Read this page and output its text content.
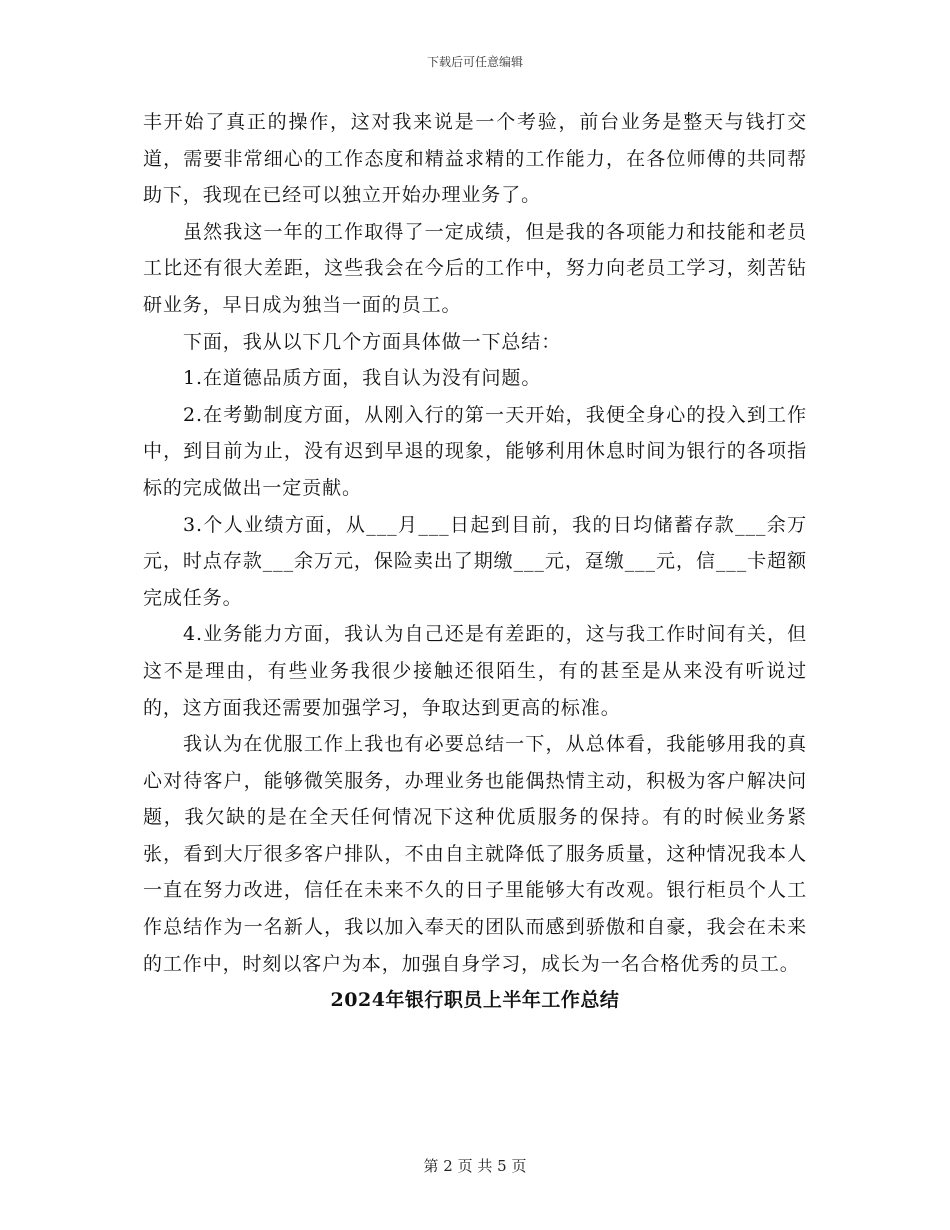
下载后可任意编辑

丰开始了真正的操作，这对我来说是一个考验，前台业务是整天与钱打交道，需要非常细心的工作态度和精益求精的工作能力，在各位师傅的共同帮助下，我现在已经可以独立开始办理业务了。

虽然我这一年的工作取得了一定成绩，但是我的各项能力和技能和老员工比还有很大差距，这些我会在今后的工作中，努力向老员工学习，刻苦钻研业务，早日成为独当一面的员工。

下面，我从以下几个方面具体做一下总结：

1.在道德品质方面，我自认为没有问题。

2.在考勤制度方面，从刚入行的第一天开始，我便全身心的投入到工作中，到目前为止，没有迟到早退的现象，能够利用休息时间为银行的各项指标的完成做出一定贡献。

3.个人业绩方面，从___月___日起到目前，我的日均储蓄存款___余万元，时点存款___余万元，保险卖出了期缴___元，趸缴___元，信___卡超额完成任务。

4.业务能力方面，我认为自己还是有差距的，这与我工作时间有关，但这不是理由，有些业务我很少接触还很陌生，有的甚至是从来没有听说过的，这方面我还需要加强学习，争取达到更高的标准。

我认为在优服工作上我也有必要总结一下，从总体看，我能够用我的真心对待客户，能够微笑服务，办理业务也能偶热情主动，积极为客户解决问题，我欠缺的是在全天任何情况下这种优质服务的保持。有的时候业务紧张，看到大厅很多客户排队，不由自主就降低了服务质量，这种情况我本人一直在努力改进，信任在未来不久的日子里能够大有改观。银行柜员个人工作总结作为一名新人，我以加入奉天的团队而感到骄傲和自豪，我会在未来的工作中，时刻以客户为本，加强自身学习，成长为一名合格优秀的员工。

2024年银行职员上半年工作总结
第 2 页 共 5 页
